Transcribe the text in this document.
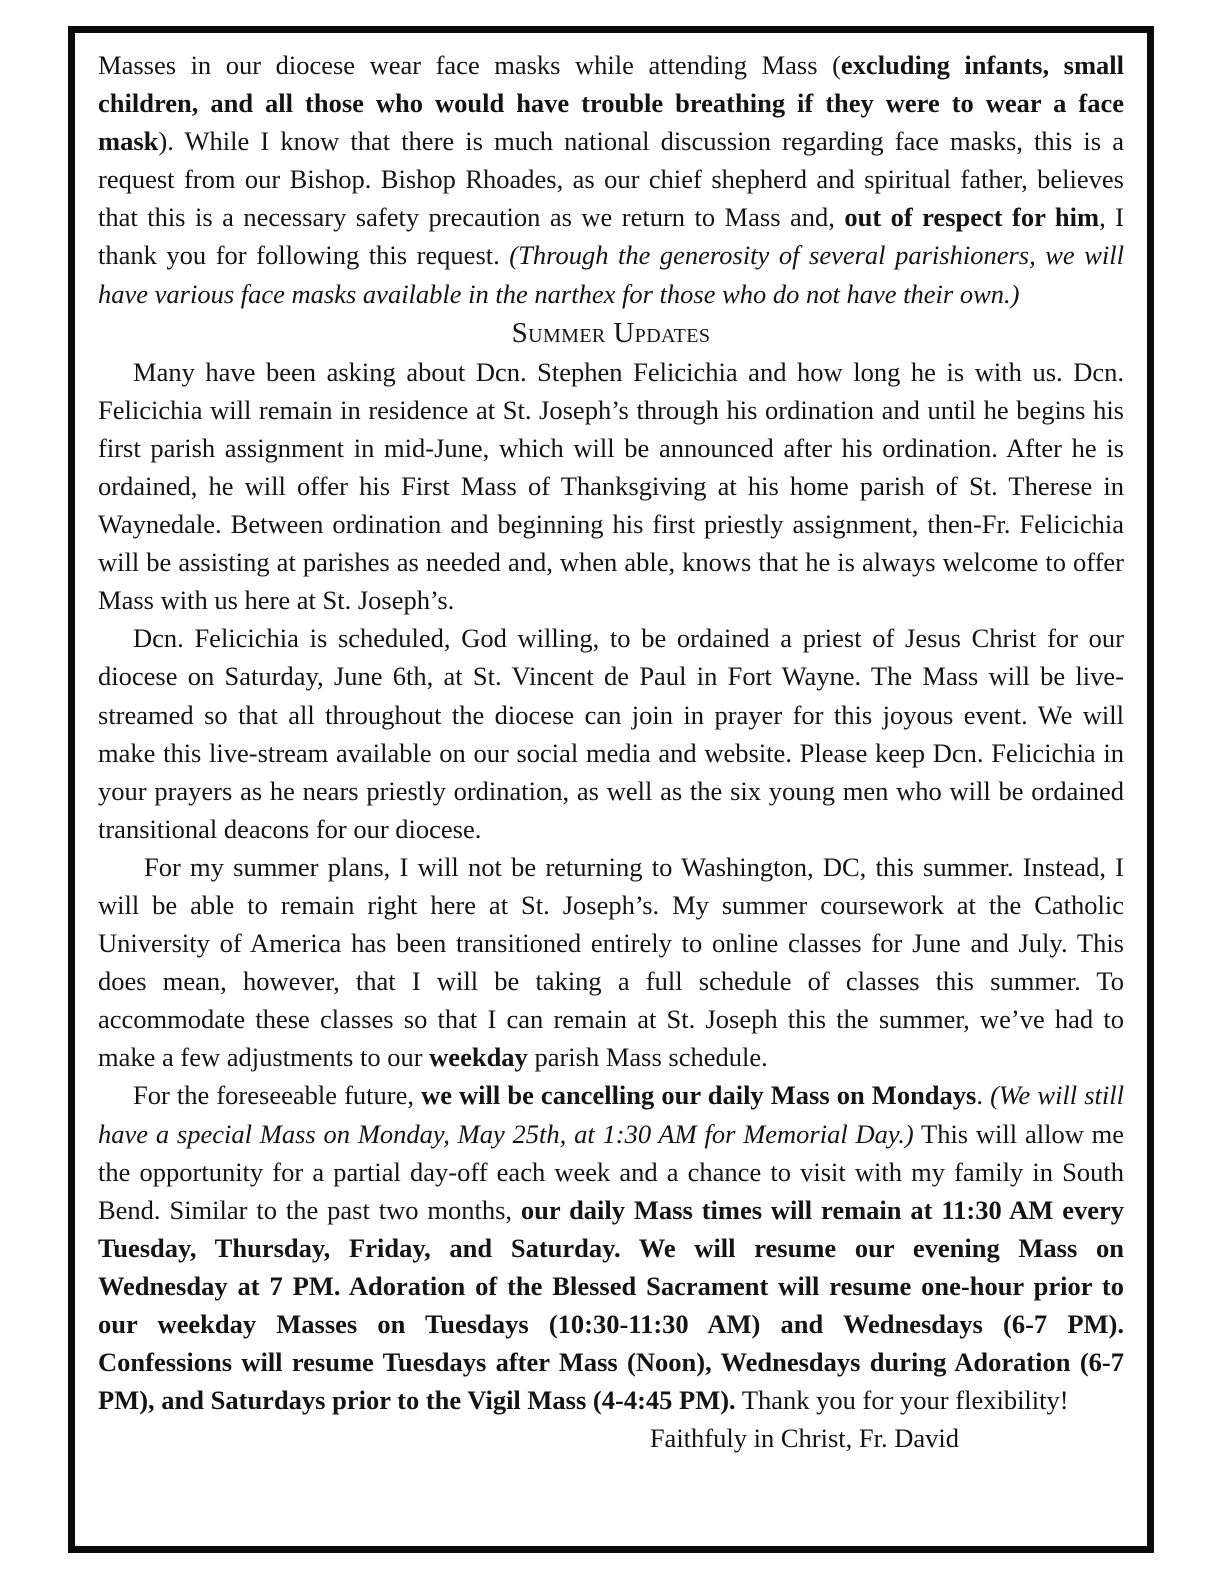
Masses in our diocese wear face masks while attending Mass (excluding infants, small children, and all those who would have trouble breathing if they were to wear a face mask). While I know that there is much national discussion regarding face masks, this is a request from our Bishop. Bishop Rhoades, as our chief shepherd and spiritual father, believes that this is a necessary safety precaution as we return to Mass and, out of respect for him, I thank you for following this request. (Through the generosity of several parishioners, we will have various face masks available in the narthex for those who do not have their own.)

Summer Updates

Many have been asking about Dcn. Stephen Felicichia and how long he is with us. Dcn. Felicichia will remain in residence at St. Joseph’s through his ordination and until he begins his first parish assignment in mid-June, which will be announced after his ordination. After he is ordained, he will offer his First Mass of Thanksgiving at his home parish of St. Therese in Waynedale. Between ordination and beginning his first priestly assignment, then-Fr. Felicichia will be assisting at parishes as needed and, when able, knows that he is always welcome to offer Mass with us here at St. Joseph’s.

Dcn. Felicichia is scheduled, God willing, to be ordained a priest of Jesus Christ for our diocese on Saturday, June 6th, at St. Vincent de Paul in Fort Wayne. The Mass will be live-streamed so that all throughout the diocese can join in prayer for this joyous event. We will make this live-stream available on our social media and website. Please keep Dcn. Felicichia in your prayers as he nears priestly ordination, as well as the six young men who will be ordained transitional deacons for our diocese.

For my summer plans, I will not be returning to Washington, DC, this summer. Instead, I will be able to remain right here at St. Joseph’s. My summer coursework at the Catholic University of America has been transitioned entirely to online classes for June and July. This does mean, however, that I will be taking a full schedule of classes this summer. To accommodate these classes so that I can remain at St. Joseph this the summer, we’ve had to make a few adjustments to our weekday parish Mass schedule.

For the foreseeable future, we will be cancelling our daily Mass on Mondays. (We will still have a special Mass on Monday, May 25th, at 1:30 AM for Memorial Day.) This will allow me the opportunity for a partial day-off each week and a chance to visit with my family in South Bend. Similar to the past two months, our daily Mass times will remain at 11:30 AM every Tuesday, Thursday, Friday, and Saturday. We will resume our evening Mass on Wednesday at 7 PM. Adoration of the Blessed Sacrament will resume one-hour prior to our weekday Masses on Tuesdays (10:30-11:30 AM) and Wednesdays (6-7 PM). Confessions will resume Tuesdays after Mass (Noon), Wednesdays during Adoration (6-7 PM), and Saturdays prior to the Vigil Mass (4-4:45 PM). Thank you for your flexibility!

Faithfuly in Christ, Fr. David
